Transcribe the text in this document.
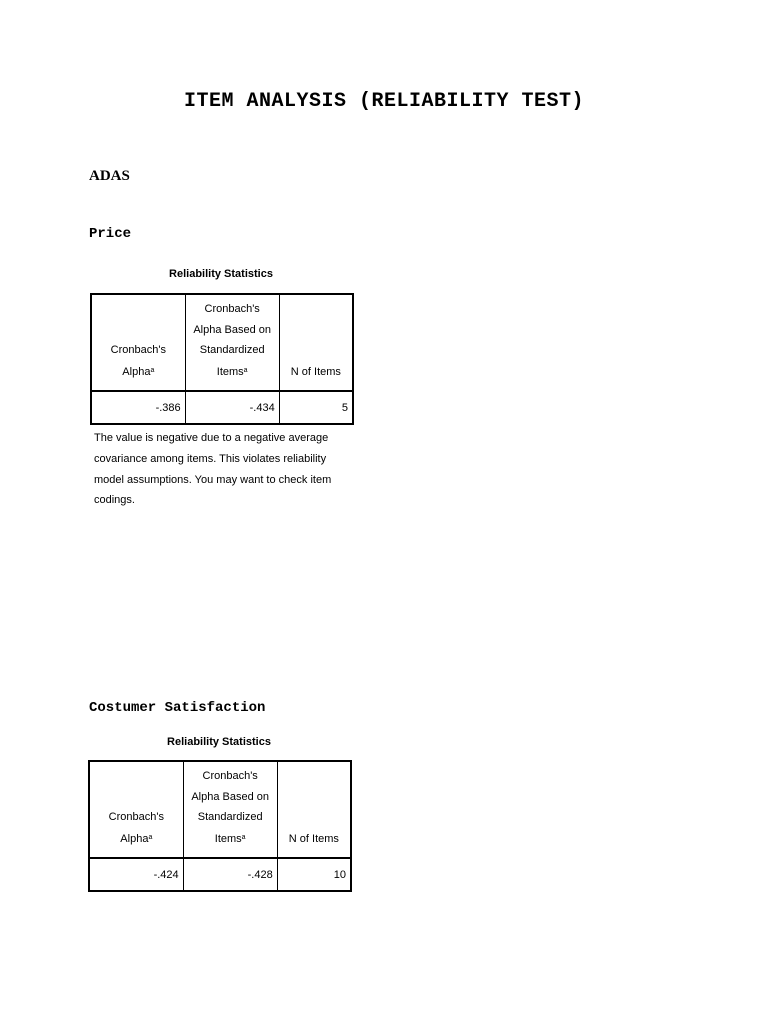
ITEM ANALYSIS (RELIABILITY TEST)
ADAS
Price
Reliability Statistics
Cronbach's Alpha$^a$	Cronbach's Alpha Based on Standardized Items$^a$	N of Items
-.386	-.434	5
The value is negative due to a negative average covariance among items. This violates reliability model assumptions. You may want to check item codings.
Costumer Satisfaction
Reliability Statistics
Cronbach's Alpha$^a$	Cronbach's Alpha Based on Standardized Items$^a$	N of Items
-.424	-.428	10
